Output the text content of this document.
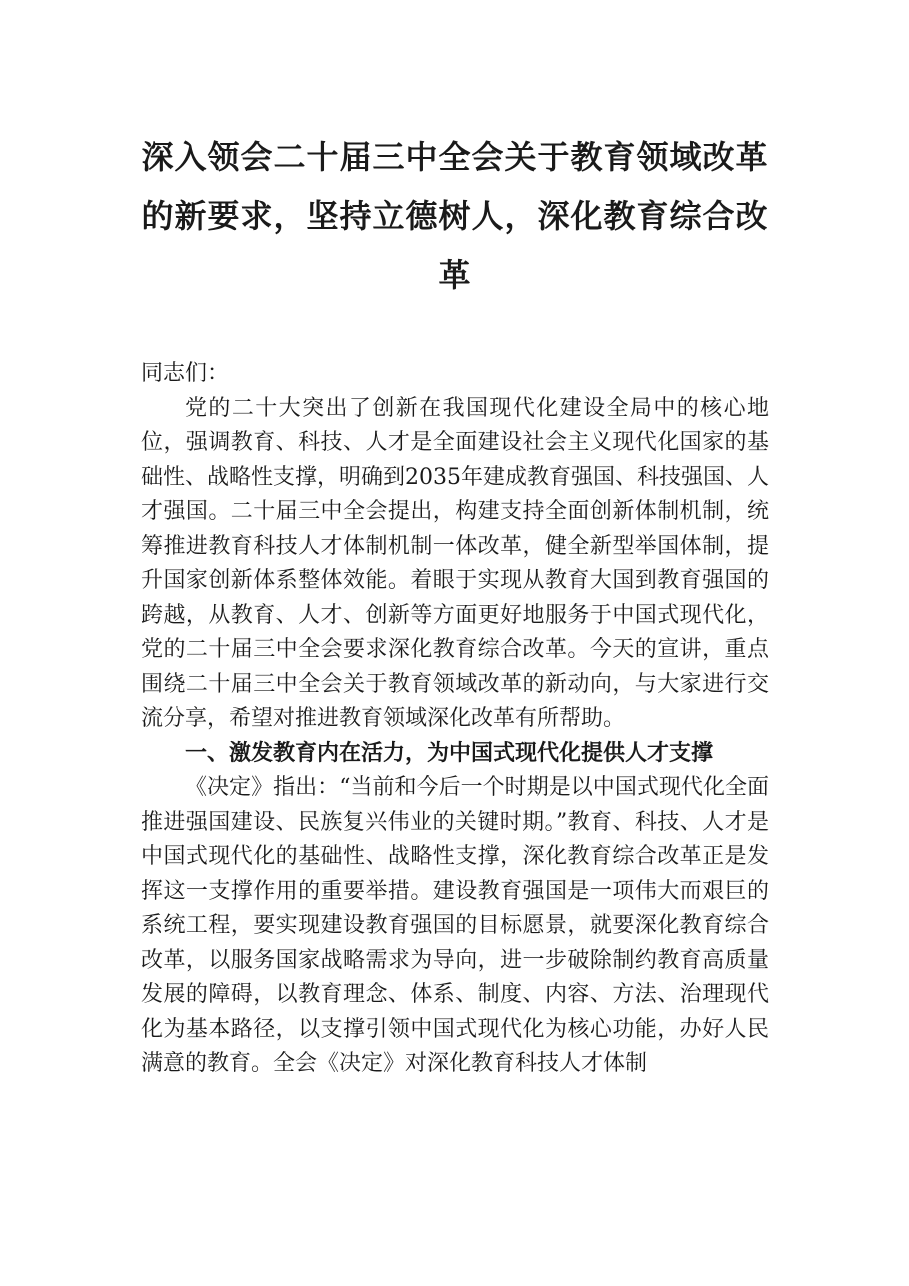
深入领会二十届三中全会关于教育领域改革的新要求，坚持立德树人，深化教育综合改革

同志们：

党的二十大突出了创新在我国现代化建设全局中的核心地位，强调教育、科技、人才是全面建设社会主义现代化国家的基础性、战略性支撑，明确到2035年建成教育强国、科技强国、人才强国。二十届三中全会提出，构建支持全面创新体制机制，统筹推进教育科技人才体制机制一体改革，健全新型举国体制，提升国家创新体系整体效能。着眼于实现从教育大国到教育强国的跨越，从教育、人才、创新等方面更好地服务于中国式现代化，党的二十届三中全会要求深化教育综合改革。今天的宣讲，重点围绕二十届三中全会关于教育领域改革的新动向，与大家进行交流分享，希望对推进教育领域深化改革有所帮助。

一、激发教育内在活力，为中国式现代化提供人才支撑

《决定》指出：“当前和今后一个时期是以中国式现代化全面推进强国建设、民族复兴伟业的关键时期。”教育、科技、人才是中国式现代化的基础性、战略性支撑，深化教育综合改革正是发挥这一支撑作用的重要举措。建设教育强国是一项伟大而艰巨的系统工程，要实现建设教育强国的目标愿景，就要深化教育综合改革，以服务国家战略需求为导向，进一步破除制约教育高质量发展的障碍，以教育理念、体系、制度、内容、方法、治理现代化为基本路径，以支撑引领中国式现代化为核心功能，办好人民满意的教育。全会《决定》对深化教育科技人才体制
